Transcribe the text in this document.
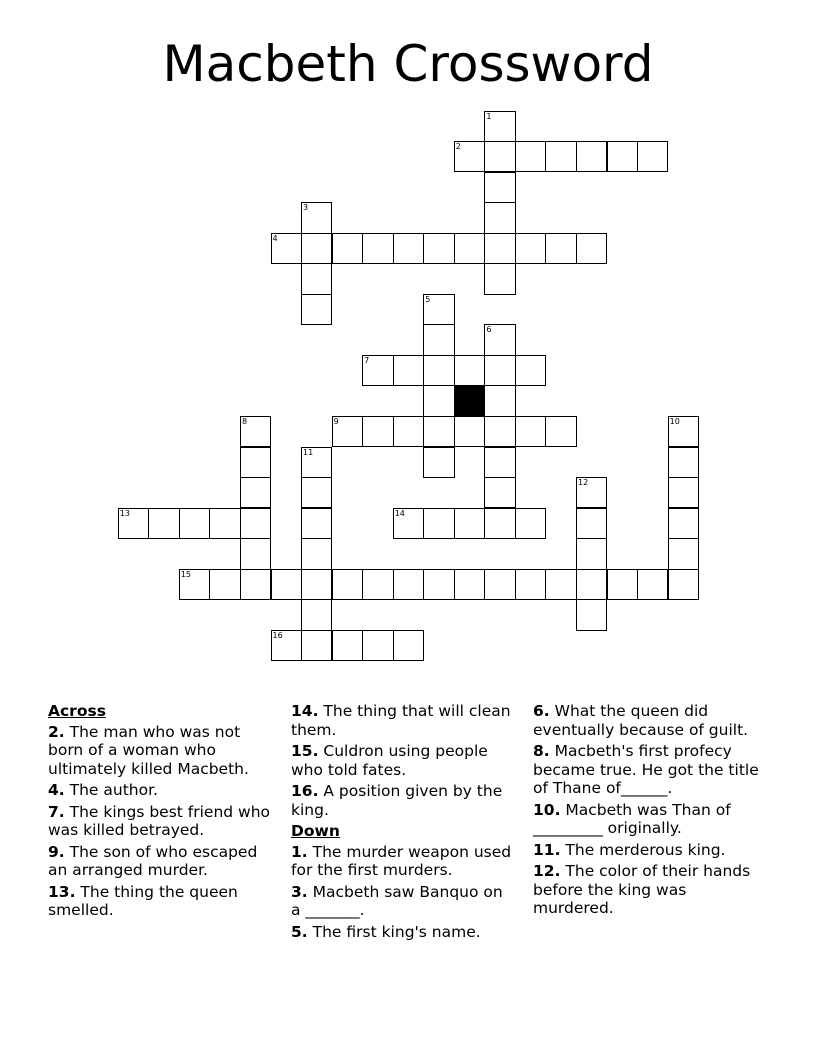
Macbeth Crossword
1
2
3
4
5
6
7
8	9	10
11
12
13	14
15
16
Across
2. The man who was not born of a woman who ultimately killed Macbeth.
4. The author.
7. The kings best friend who was killed betrayed.
9. The son of who escaped an arranged murder.
13. The thing the queen smelled.
14. The thing that will clean them.
15. Culdron using people who told fates.
16. A position given by the king.
Down
1. The murder weapon used for the first murders.
3. Macbeth saw Banquo on a _______.
5. The first king's name.
6. What the queen did eventually because of guilt.
8. Macbeth's first profecy became true. He got the title of Thane of______.
10. Macbeth was Than of _________ originally.
11. The merderous king.
12. The color of their hands before the king was murdered.
